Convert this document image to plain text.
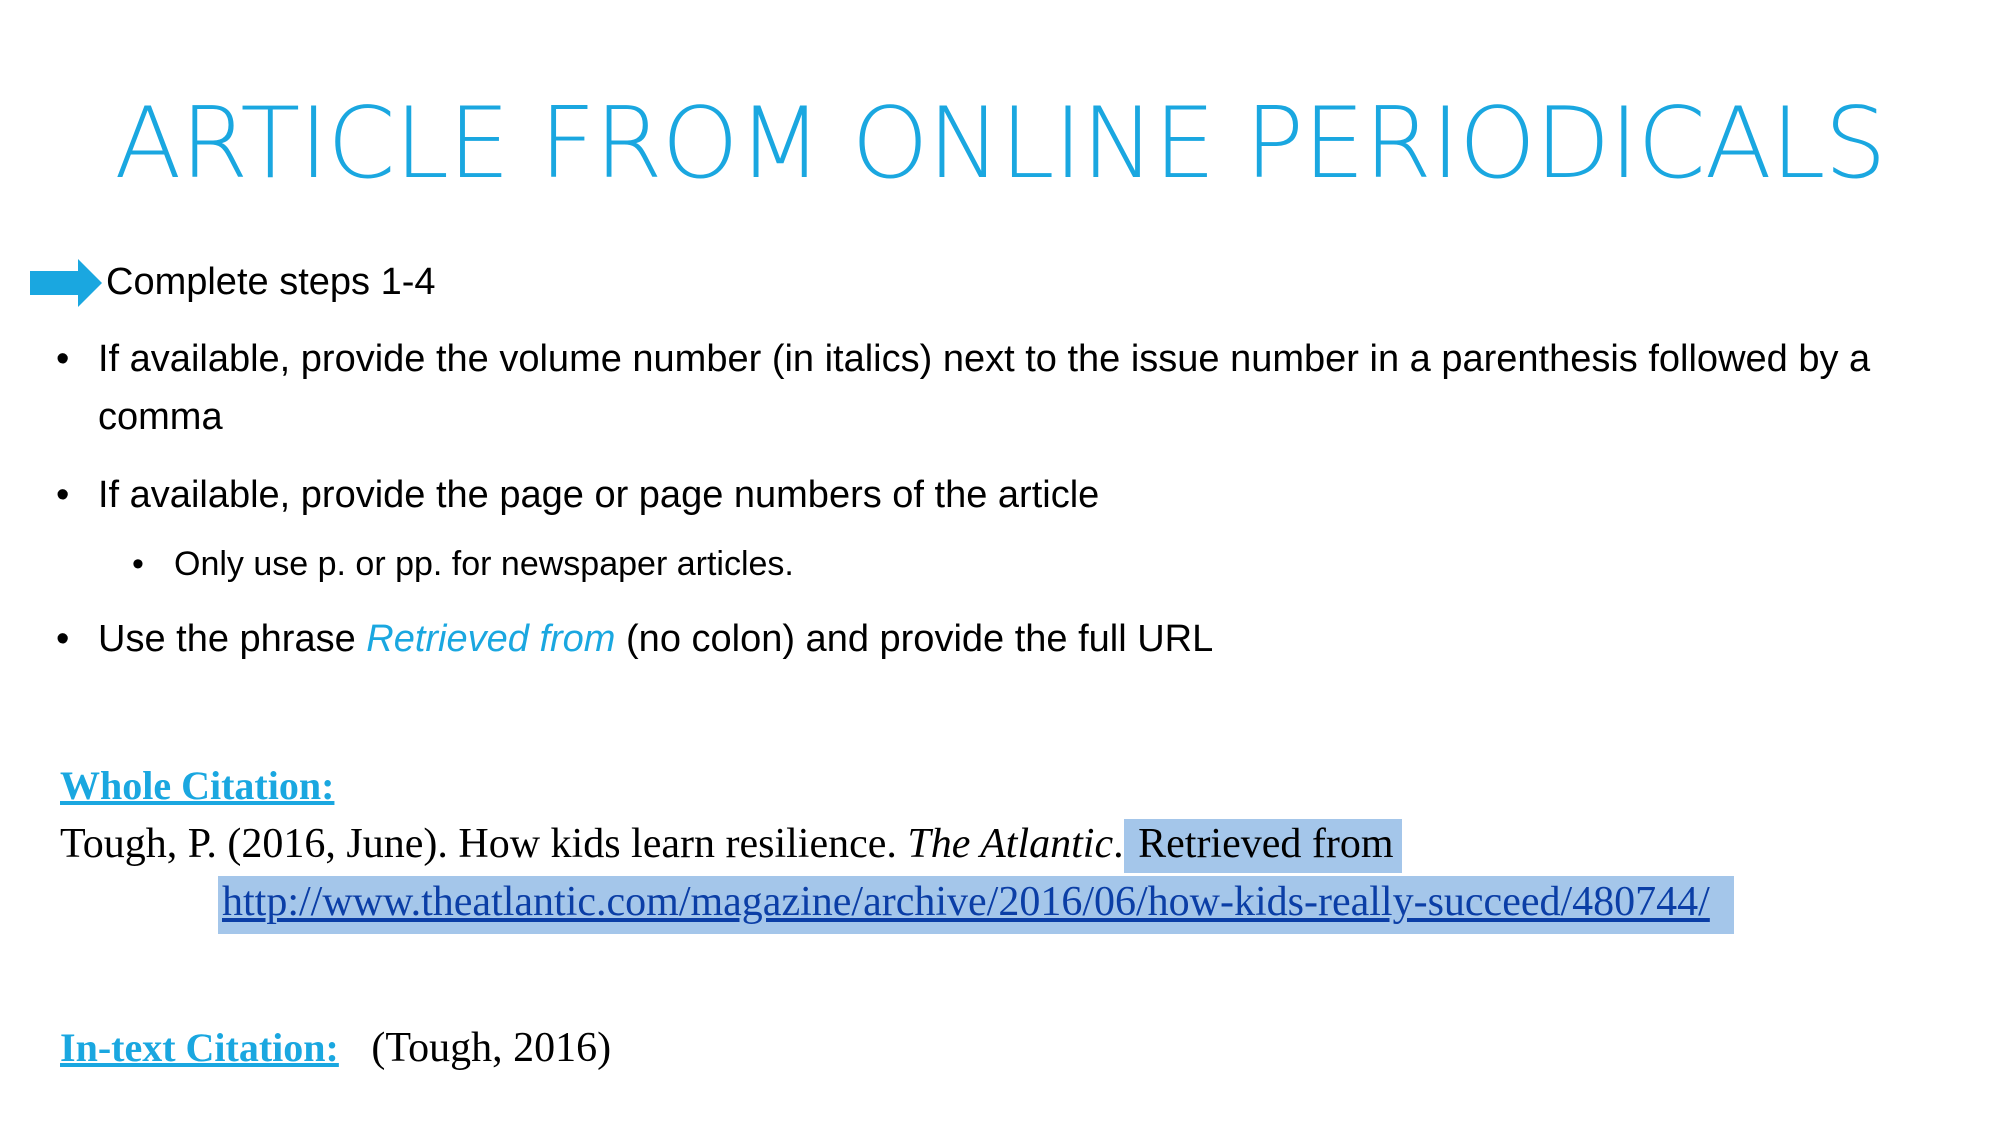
ARTICLE FROM ONLINE PERIODICALS
Complete steps 1-4
• If available, provide the volume number (in italics) next to the issue number in a parenthesis followed by a comma
• If available, provide the page or page numbers of the article
• Only use p. or pp. for newspaper articles.
• Use the phrase Retrieved from (no colon) and provide the full URL
Whole Citation:
Tough, P. (2016, June). How kids learn resilience. The Atlantic. Retrieved from
http://www.theatlantic.com/magazine/archive/2016/06/how-kids-really-succeed/480744/
In-text Citation: (Tough, 2016)
